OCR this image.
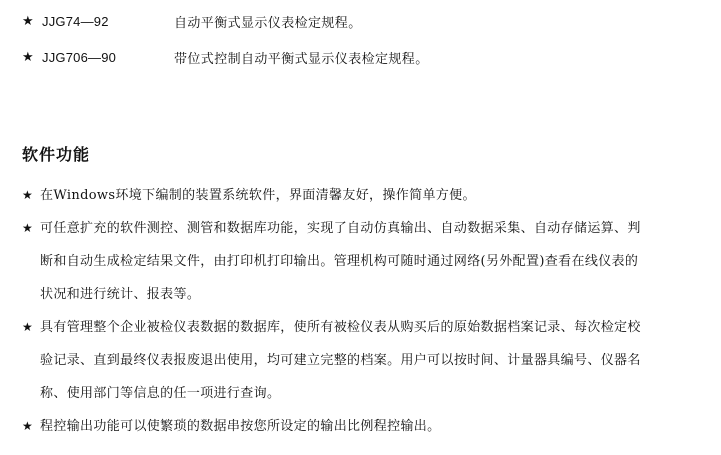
★ JJG74—92	自动平衡式显示仪表检定规程。
★ JJG706—90	带位式控制自动平衡式显示仪表检定规程。
软件功能
★ 在Windows环境下编制的装置系统软件，界面清馨友好，操作简单方便。
★ 可任意扩充的软件测控、测管和数据库功能，实现了自动仿真输出、自动数据采集、自动存储运算、判
断和自动生成检定结果文件，由打印机打印输出。管理机构可随时通过网络(另外配置)查看在线仪表的
状况和进行统计、报表等。
★ 具有管理整个企业被检仪表数据的数据库，使所有被检仪表从购买后的原始数据档案记录、每次检定校
验记录、直到最终仪表报废退出使用，均可建立完整的档案。用户可以按时间、计量器具编号、仪器名
称、使用部门等信息的任一项进行查询。
★ 程控输出功能可以使繁琐的数据串按您所设定的输出比例程控输出。
